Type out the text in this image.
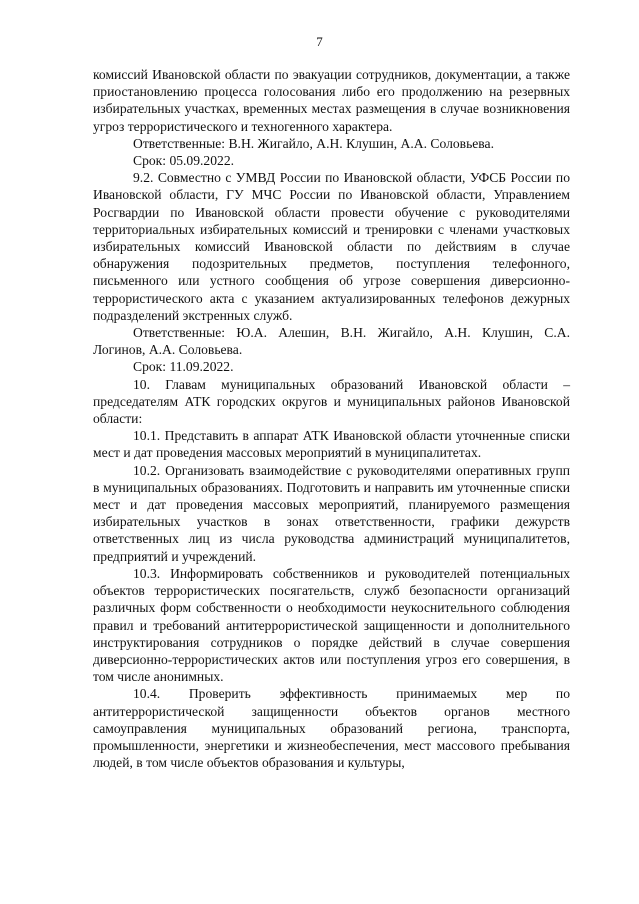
7

комиссий Ивановской области по эвакуации сотрудников, документации, а также приостановлению процесса голосования либо его продолжению на резервных избирательных участках, временных местах размещения в случае возникновения угроз террористического и техногенного характера.

Ответственные: В.Н. Жигайло, А.Н. Клушин, А.А. Соловьева.

Срок: 05.09.2022.

9.2. Совместно с УМВД России по Ивановской области, УФСБ России по Ивановской области, ГУ МЧС России по Ивановской области, Управлением Росгвардии по Ивановской области провести обучение с руководителями территориальных избирательных комиссий и тренировки с членами участковых избирательных комиссий Ивановской области по действиям в случае обнаружения подозрительных предметов, поступления телефонного, письменного или устного сообщения об угрозе совершения диверсионно-террористического акта с указанием актуализированных телефонов дежурных подразделений экстренных служб.

Ответственные: Ю.А. Алешин, В.Н. Жигайло, А.Н. Клушин, С.А. Логинов, А.А. Соловьева.

Срок: 11.09.2022.

10. Главам муниципальных образований Ивановской области – председателям АТК городских округов и муниципальных районов Ивановской области:

10.1. Представить в аппарат АТК Ивановской области уточненные списки мест и дат проведения массовых мероприятий в муниципалитетах.

10.2. Организовать взаимодействие с руководителями оперативных групп в муниципальных образованиях. Подготовить и направить им уточненные списки мест и дат проведения массовых мероприятий, планируемого размещения избирательных участков в зонах ответственности, графики дежурств ответственных лиц из числа руководства администраций муниципалитетов, предприятий и учреждений.

10.3. Информировать собственников и руководителей потенциальных объектов террористических посягательств, служб безопасности организаций различных форм собственности о необходимости неукоснительного соблюдения правил и требований антитеррористической защищенности и дополнительного инструктирования сотрудников о порядке действий в случае совершения диверсионно-террористических актов или поступления угроз его совершения, в том числе анонимных.

10.4. Проверить эффективность принимаемых мер по антитеррористической защищенности объектов органов местного самоуправления муниципальных образований региона, транспорта, промышленности, энергетики и жизнеобеспечения, мест массового пребывания людей, в том числе объектов образования и культуры,
